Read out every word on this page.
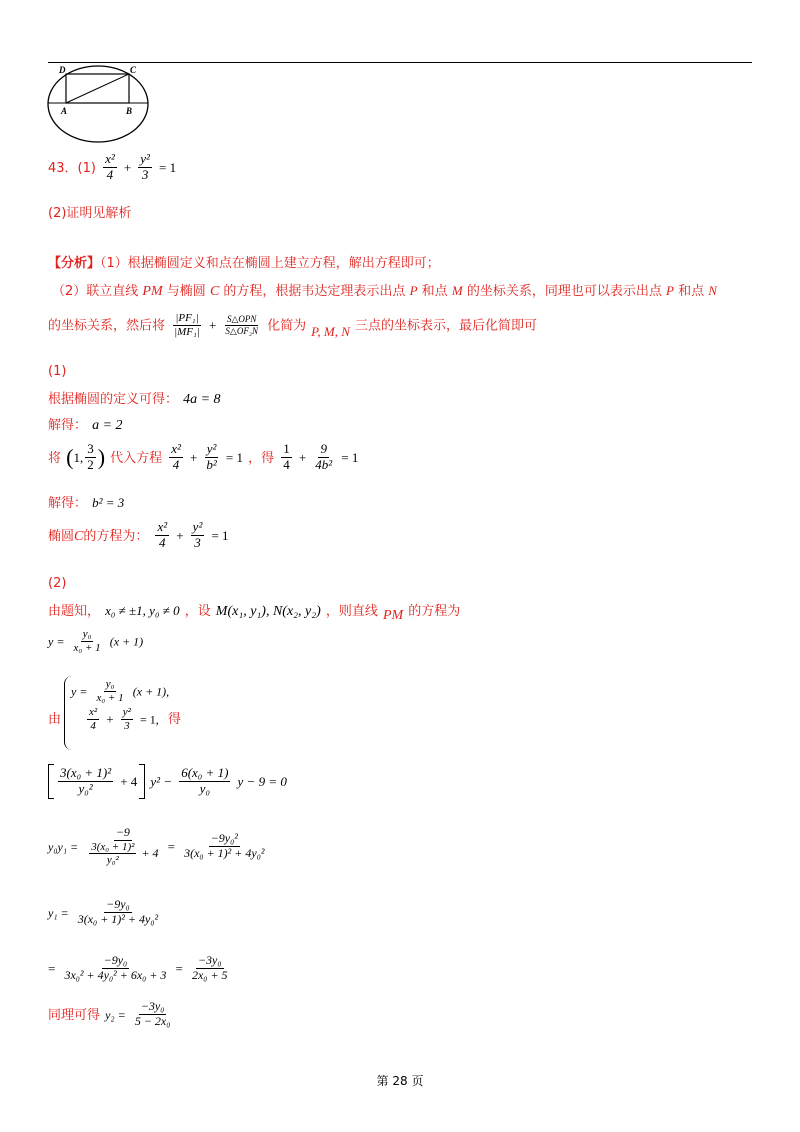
D	C
A	B
43．$(1) \frac{\text{x²}}{4} + \frac{\text{y²}}{3} = 1$
(2)证明见解析
【分析】（1）根据椭圆定义和点在椭圆上建立方程，解出方程即可；
（2）联立直线 PM 与椭圆 C 的方程，根据韦达定理表示出点 P 和点 M 的坐标关系，同理也可以表示出点 P 和点 N
的坐标关系，然后将 $\frac{\text{|PF₁|}}{\text{|MF₁|}} + \frac{\text{S△OPN}}{\text{S△OF₂N}}$ 化简为 $_{P, M, N}$ 三点的坐标表示，最后化简即可
(1)
根据椭圆的定义可得： 4a = 8
解得： a = 2
将 (1, $\frac{3}{2}$ ) 代入方程 $\frac{\text{x²}}{4} + \frac{\text{y²}}{\text{b²}} = 1$ ，得 $\frac{1}{4} + \frac{9}{\text{4b²}} = 1$
解得： b² = 3
椭圆C的方程为： $\frac{\text{x²}}{4} + \frac{\text{y²}}{3} = 1$
(2)
由题知， x₀ ≠ ±1, y₀ ≠ 0 ，设 M(x₁, y₁), N(x₂, y₂) ，则直线 PM 的方程为
$y = \frac{\text{y₀}}{\text{x₀ + 1}} (x + 1)$
由
$y = \frac{\text{y₀}}{\text{x₀ + 1}} (x + 1)$,
$\frac{\text{x²}}{4} + \frac{\text{y²}}{3} = 1$, 得
$\frac{\text{3(x₀ + 1)²}}{\text{y₀²}} + 4$ $y^2 - \frac{\text{6(x₀ + 1)}}{\text{y₀}}$ y − 9 = 0
$y_0y_1 = \frac{-9}{\frac{\text{3(x₀ + 1)²}}{\text{y₀²}} + 4} = \frac{\text{−9y₀²}}{\text{3(x₀ + 1)² + 4y₀²}}$
$y_1 = \frac{\text{−9y₀}}{\text{3(x₀ + 1)² + 4y₀²}}$
= $\frac{\text{−9y₀}}{\text{3x₀² + 4y₀² + 6x₀ + 3}} = \frac{\text{−3y₀}}{\text{2x₀ + 5}}$
同理可得 $y_2 = \frac{\text{−3y₀}}{\text{5 − 2x₀}}$
第 28 页
